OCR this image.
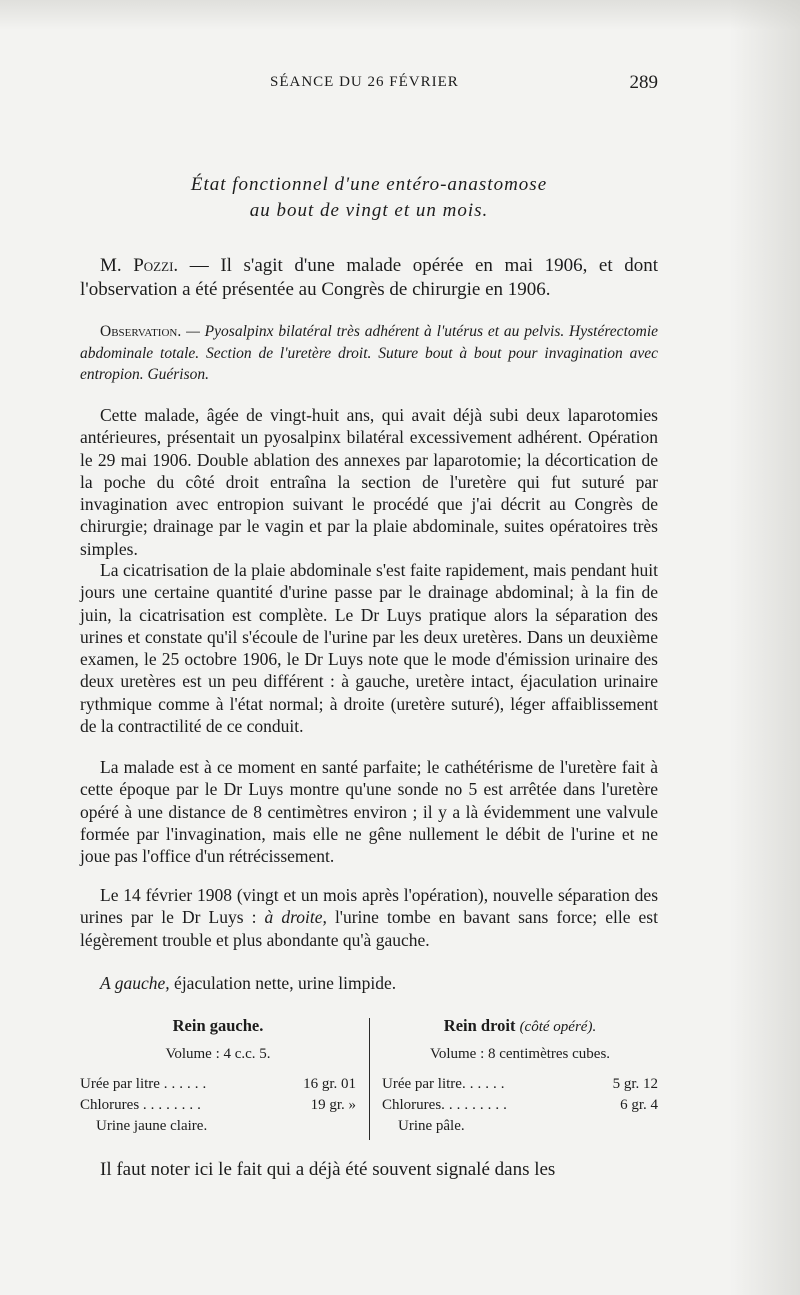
SÉANCE DU 26 FÉVRIER	289
État fonctionnel d'une entéro-anastomose
au bout de vingt et un mois.

M. Pozzi. — Il s'agit d'une malade opérée en mai 1906, et dont l'observation a été présentée au Congrès de chirurgie en 1906.

Observation. — Pyosalpinx bilatéral très adhérent à l'utérus et au pelvis. Hystérectomie abdominale totale. Section de l'uretère droit. Suture bout à bout pour invagination avec entropion. Guérison.

Cette malade, âgée de vingt-huit ans, qui avait déjà subi deux laparotomies antérieures, présentait un pyosalpinx bilatéral excessivement adhérent. Opération le 29 mai 1906. Double ablation des annexes par laparotomie; la décortication de la poche du côté droit entraîna la section de l'uretère qui fut suturé par invagination avec entropion suivant le procédé que j'ai décrit au Congrès de chirurgie; drainage par le vagin et par la plaie abdominale, suites opératoires très simples.

La cicatrisation de la plaie abdominale s'est faite rapidement, mais pendant huit jours une certaine quantité d'urine passe par le drainage abdominal; à la fin de juin, la cicatrisation est complète. Le Dr Luys pratique alors la séparation des urines et constate qu'il s'écoule de l'urine par les deux uretères. Dans un deuxième examen, le 25 octobre 1906, le Dr Luys note que le mode d'émission urinaire des deux uretères est un peu différent : à gauche, uretère intact, éjaculation urinaire rythmique comme à l'état normal; à droite (uretère suturé), léger affaiblissement de la contractilité de ce conduit.

La malade est à ce moment en santé parfaite; le cathétérisme de l'uretère fait à cette époque par le Dr Luys montre qu'une sonde no 5 est arrêtée dans l'uretère opéré à une distance de 8 centimètres environ ; il y a là évidemment une valvule formée par l'invagination, mais elle ne gêne nullement le débit de l'urine et ne joue pas l'office d'un rétrécissement.

Le 14 février 1908 (vingt et un mois après l'opération), nouvelle séparation des urines par le Dr Luys : à droite, l'urine tombe en bavant sans force; elle est légèrement trouble et plus abondante qu'à gauche.

A gauche, éjaculation nette, urine limpide.

Rein gauche.
Volume : 4 c.c. 5.
Urée par litre ......	16 gr. 01
Chlorures ........	19 gr. »
Urine jaune claire.
Rein droit (côté opéré).
Volume : 8 centimètres cubes.
Urée par litre......	5 gr. 12
Chlorures.........	6 gr. 4
Urine pâle.

Il faut noter ici le fait qui a déjà été souvent signalé dans les
